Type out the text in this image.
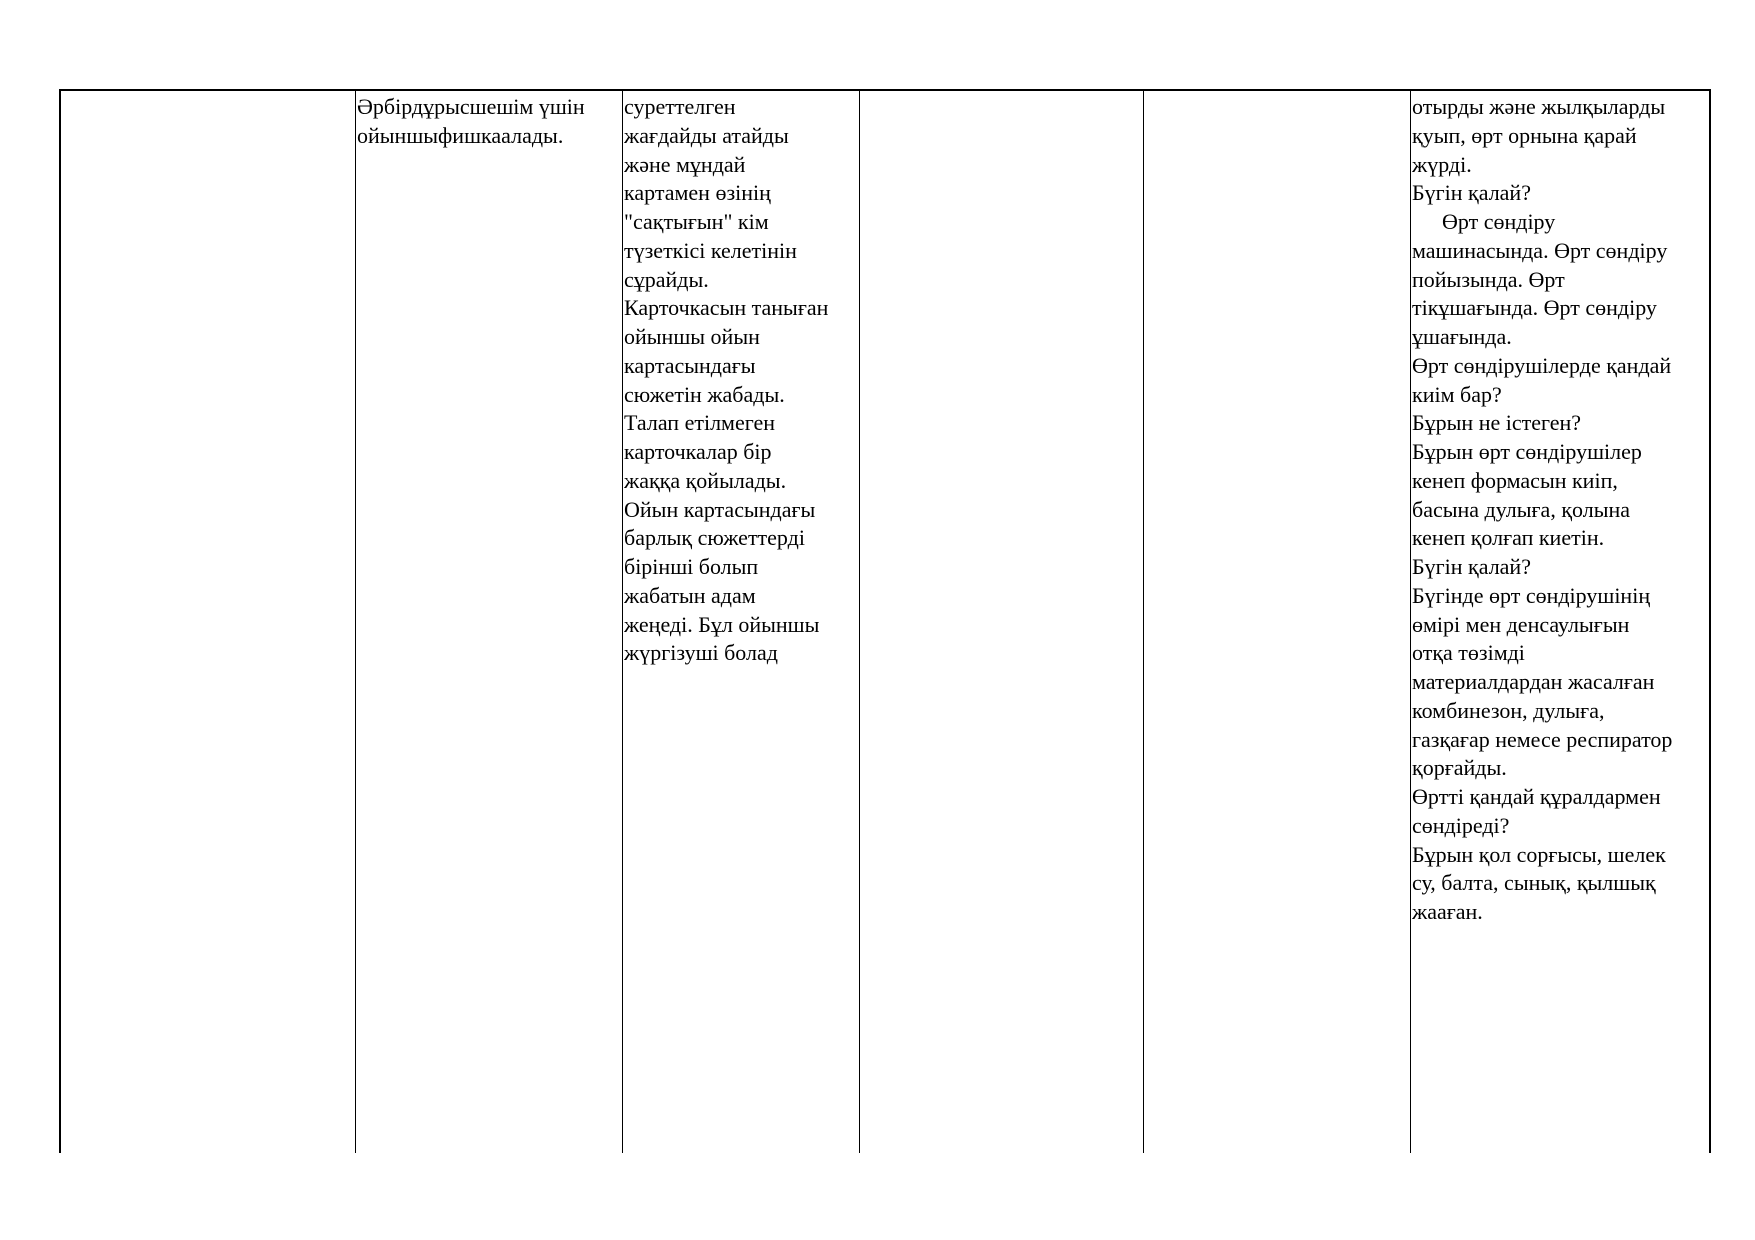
Әрбірдұрысшешім үшін
ойыншыфишкаалады.
суреттелген
жағдайды атайды
және мұндай
картамен өзінің
"сақтығын" кім
түзеткісі келетінін
сұрайды.
Карточкасын таныған
ойыншы ойын
картасындағы
сюжетін жабады.
Талап етілмеген
карточкалар бір
жаққа қойылады.
Ойын картасындағы
барлық сюжеттерді
бірінші болып
жабатын адам
жеңеді. Бұл ойыншы
жүргізуші болад
отырды және жылқыларды
қуып, өрт орнына қарай
жүрді.
Бүгін қалай?
Өрт сөндіру
машинасында. Өрт сөндіру
пойызында. Өрт
тікұшағында. Өрт сөндіру
ұшағында.
Өрт сөндірушілерде қандай
киім бар?
Бұрын не істеген?
Бұрын өрт сөндірушілер
кенеп формасын киіп,
басына дулыға, қолына
кенеп қолғап киетін.
Бүгін қалай?
Бүгінде өрт сөндірушінің
өмірі мен денсаулығын
отқа төзімді
материалдардан жасалған
комбинезон, дулыға,
газқағар немесе респиратор
қорғайды.
Өртті қандай құралдармен
сөндіреді?
Бұрын қол сорғысы, шелек
су, балта, сынық, қылшық
жааған.
